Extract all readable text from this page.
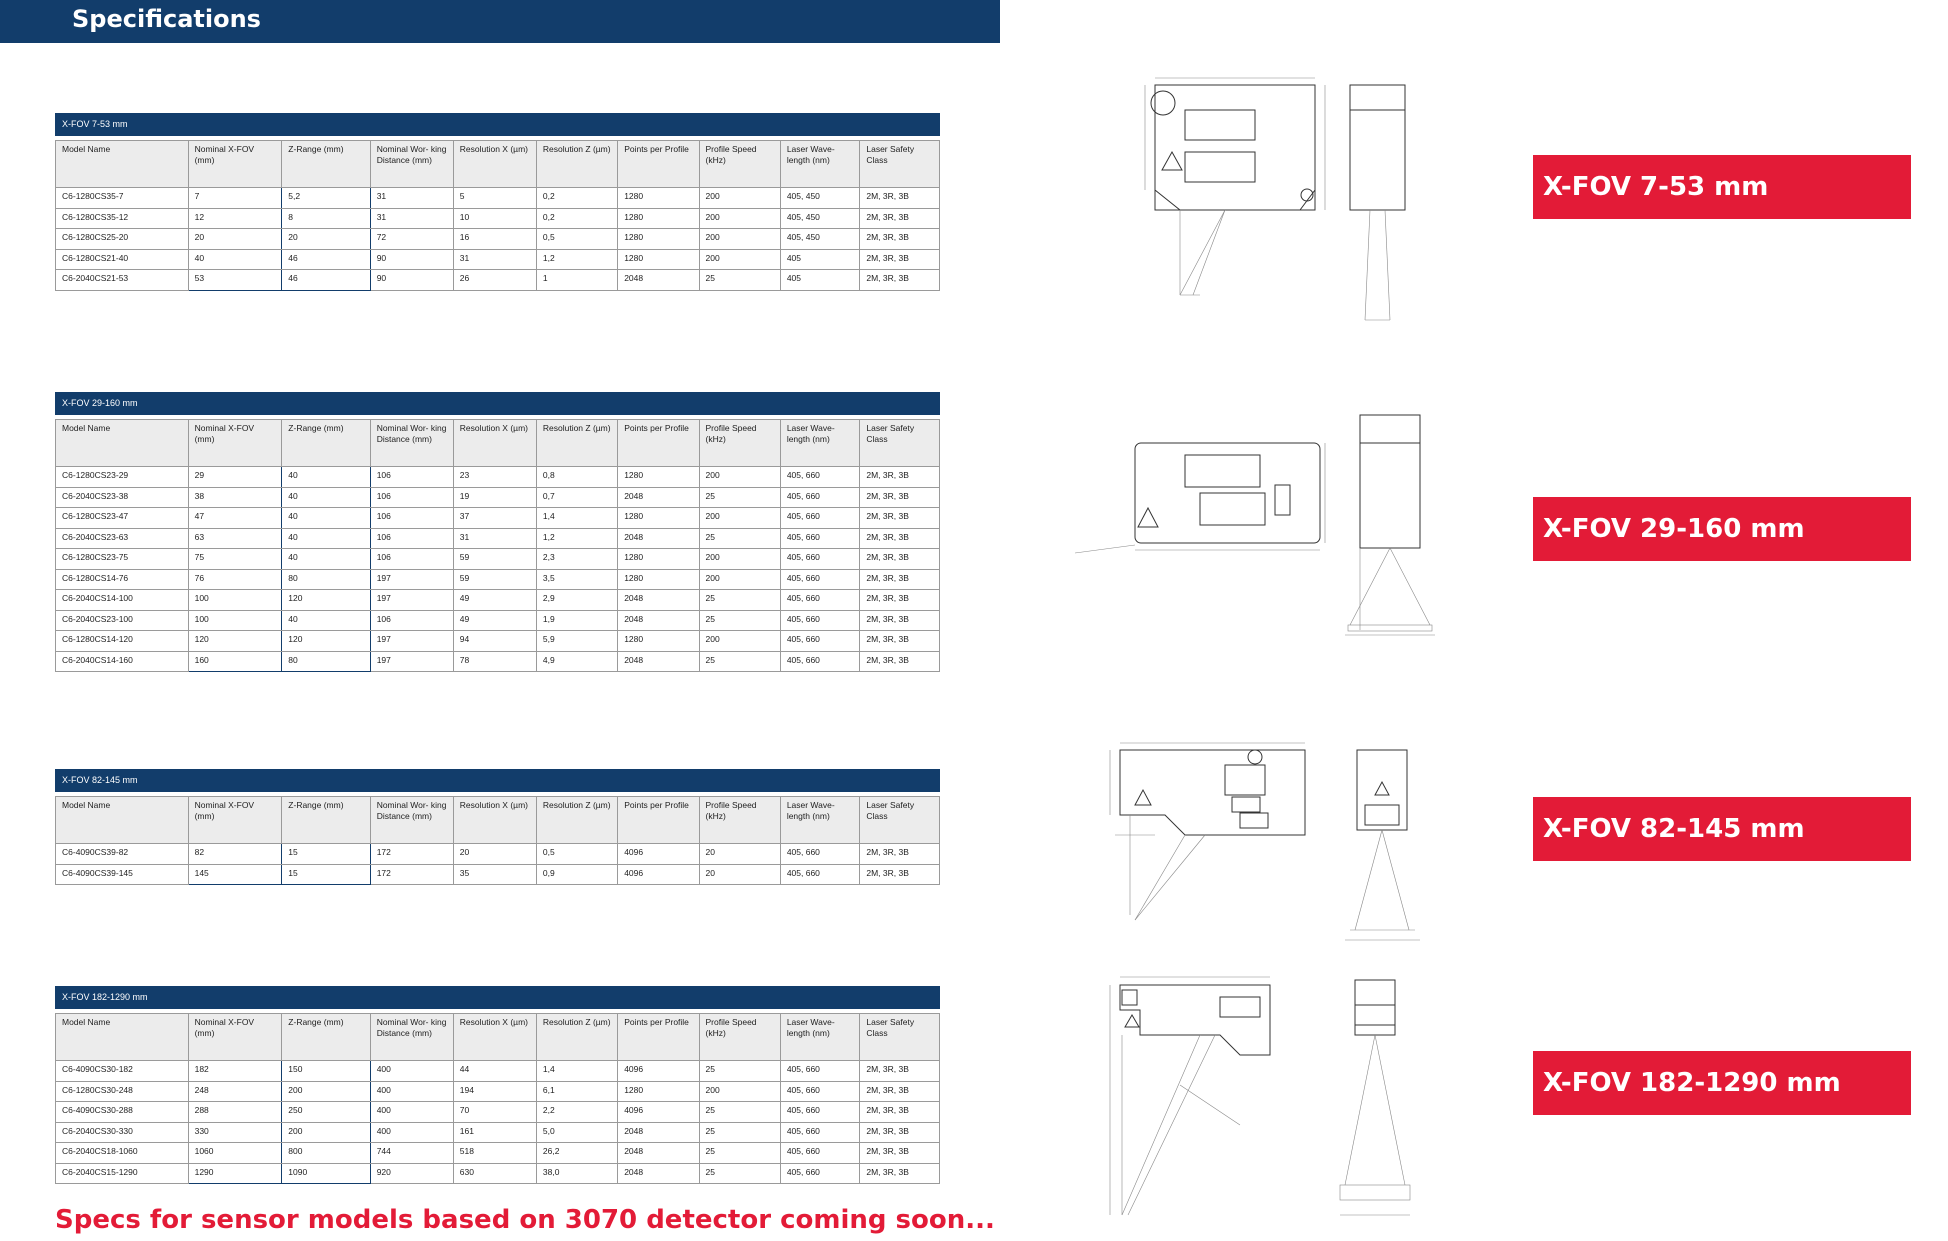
Specifications
X-FOV 7-53 mm
Model Name	Nominal X-FOV (mm)	Z-Range (mm)	Nominal Wor- king Distance (mm)	Resolution X (µm)	Resolution Z (µm)	Points per Profile	Profile Speed (kHz)	Laser Wave- length (nm)	Laser Safety Class
C6-1280CS35-7	7	5,2	31	5	0,2	1280	200	405, 450	2M, 3R, 3B
C6-1280CS35-12	12	8	31	10	0,2	1280	200	405, 450	2M, 3R, 3B
C6-1280CS25-20	20	20	72	16	0,5	1280	200	405, 450	2M, 3R, 3B
C6-1280CS21-40	40	46	90	31	1,2	1280	200	405	2M, 3R, 3B
C6-2040CS21-53	53	46	90	26	1	2048	25	405	2M, 3R, 3B
X-FOV 29-160 mm
Model Name	Nominal X-FOV (mm)	Z-Range (mm)	Nominal Wor- king Distance (mm)	Resolution X (µm)	Resolution Z (µm)	Points per Profile	Profile Speed (kHz)	Laser Wave- length (nm)	Laser Safety Class
C6-1280CS23-29	29	40	106	23	0,8	1280	200	405, 660	2M, 3R, 3B
C6-2040CS23-38	38	40	106	19	0,7	2048	25	405, 660	2M, 3R, 3B
C6-1280CS23-47	47	40	106	37	1,4	1280	200	405, 660	2M, 3R, 3B
C6-2040CS23-63	63	40	106	31	1,2	2048	25	405, 660	2M, 3R, 3B
C6-1280CS23-75	75	40	106	59	2,3	1280	200	405, 660	2M, 3R, 3B
C6-1280CS14-76	76	80	197	59	3,5	1280	200	405, 660	2M, 3R, 3B
C6-2040CS14-100	100	120	197	49	2,9	2048	25	405, 660	2M, 3R, 3B
C6-2040CS23-100	100	40	106	49	1,9	2048	25	405, 660	2M, 3R, 3B
C6-1280CS14-120	120	120	197	94	5,9	1280	200	405, 660	2M, 3R, 3B
C6-2040CS14-160	160	80	197	78	4,9	2048	25	405, 660	2M, 3R, 3B
X-FOV 82-145 mm
Model Name	Nominal X-FOV (mm)	Z-Range (mm)	Nominal Wor- king Distance (mm)	Resolution X (µm)	Resolution Z (µm)	Points per Profile	Profile Speed (kHz)	Laser Wave- length (nm)	Laser Safety Class
C6-4090CS39-82	82	15	172	20	0,5	4096	20	405, 660	2M, 3R, 3B
C6-4090CS39-145	145	15	172	35	0,9	4096	20	405, 660	2M, 3R, 3B
X-FOV 182-1290 mm
Model Name	Nominal X-FOV (mm)	Z-Range (mm)	Nominal Wor- king Distance (mm)	Resolution X (µm)	Resolution Z (µm)	Points per Profile	Profile Speed (kHz)	Laser Wave- length (nm)	Laser Safety Class
C6-4090CS30-182	182	150	400	44	1,4	4096	25	405, 660	2M, 3R, 3B
C6-1280CS30-248	248	200	400	194	6,1	1280	200	405, 660	2M, 3R, 3B
C6-4090CS30-288	288	250	400	70	2,2	4096	25	405, 660	2M, 3R, 3B
C6-2040CS30-330	330	200	400	161	5,0	2048	25	405, 660	2M, 3R, 3B
C6-2040CS18-1060	1060	800	744	518	26,2	2048	25	405, 660	2M, 3R, 3B
C6-2040CS15-1290	1290	1090	920	630	38,0	2048	25	405, 660	2M, 3R, 3B
X-FOV 7-53 mm
X-FOV 29-160 mm
X-FOV 82-145 mm
X-FOV 182-1290 mm
Specs for sensor models based on 3070 detector coming soon...
